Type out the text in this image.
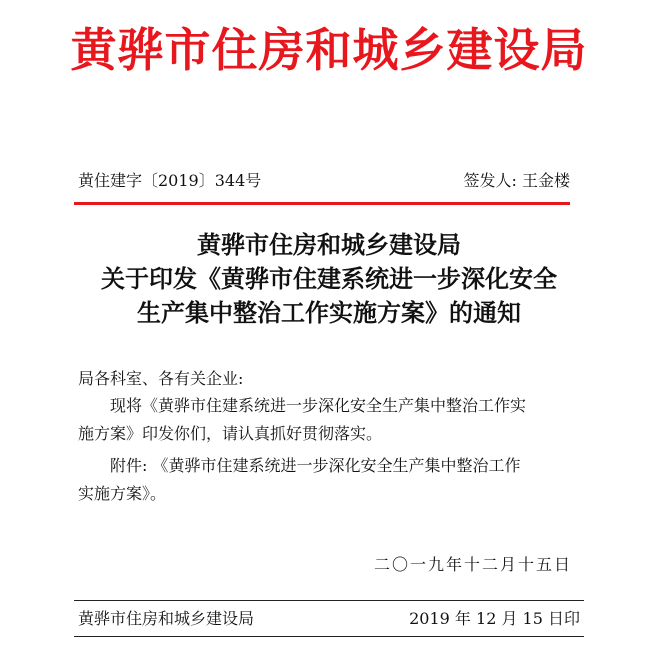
黄骅市住房和城乡建设局
黄住建字〔2019〕344号	签发人: 王金楼
黄骅市住房和城乡建设局
关于印发《黄骅市住建系统进一步深化安全
生产集中整治工作实施方案》的通知
局各科室、各有关企业:
现将《黄骅市住建系统进一步深化安全生产集中整治工作实
施方案》印发你们，请认真抓好贯彻落实。
附件: 《黄骅市住建系统进一步深化安全生产集中整治工作
实施方案》。
二〇一九年十二月十五日
黄骅市住房和城乡建设局	2019 年 12 月 15 日印
